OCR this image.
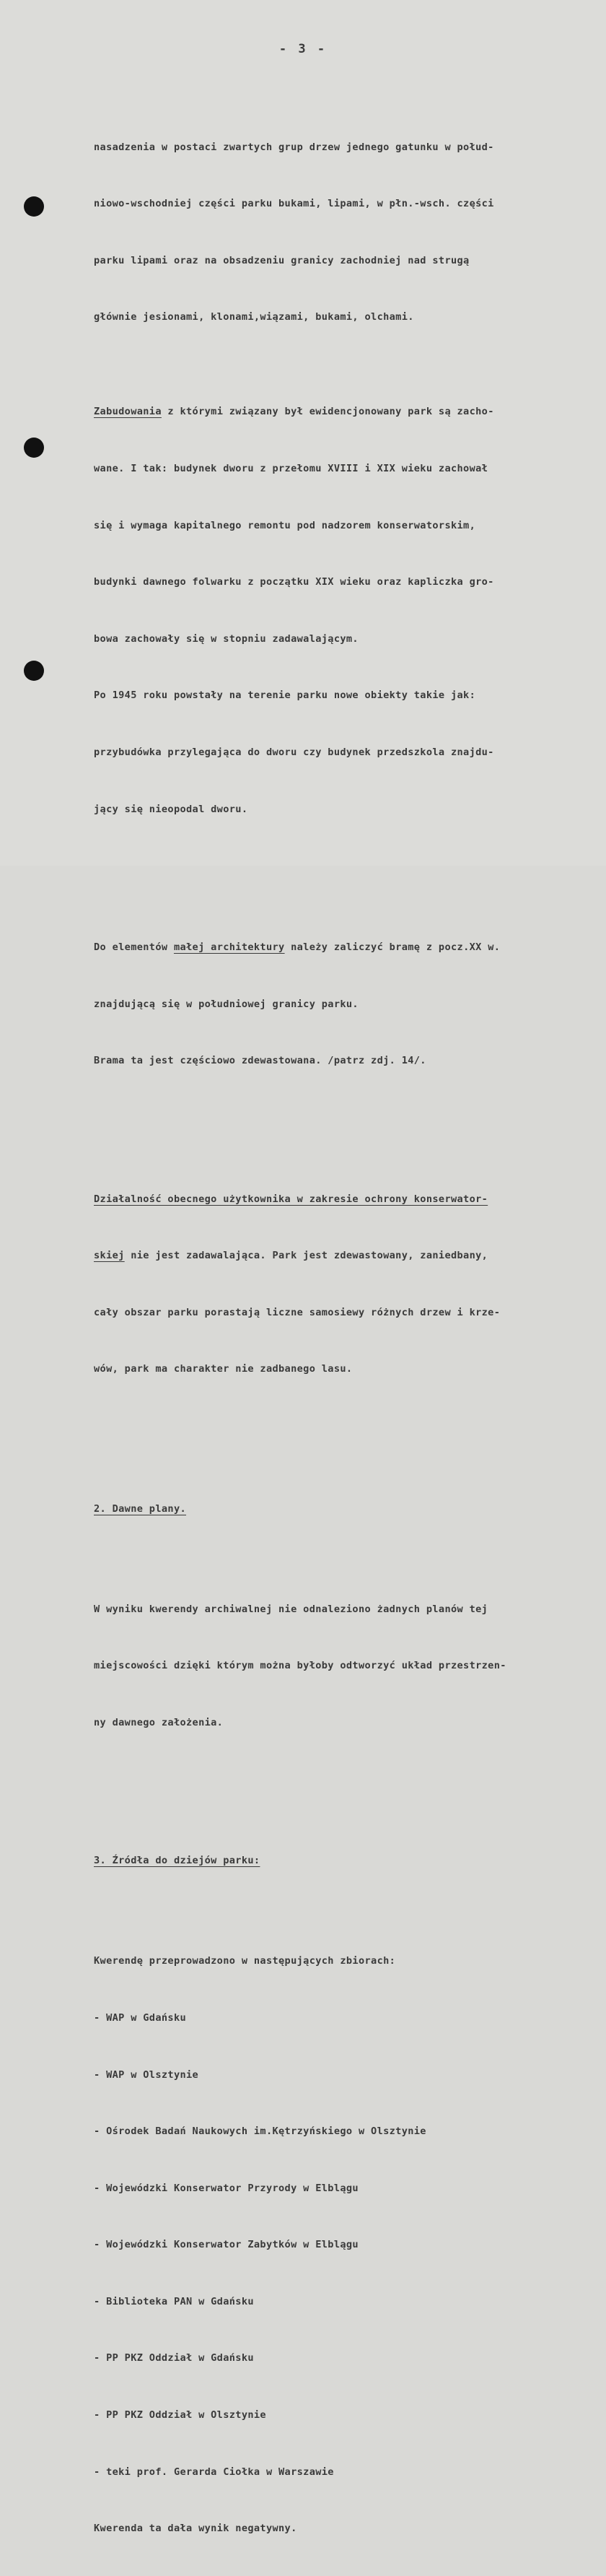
- 3 -

nasadzenia w postaci zwartych grup drzew jednego gatunku w połud-

niowo-wschodniej części parku bukami, lipami, w płn.-wsch. części

parku lipami oraz na obsadzeniu granicy zachodniej nad strugą

głównie jesionami, klonami,wiązami, bukami, olchami.

Zabudowania z którymi związany był ewidencjonowany park są zacho-

wane. I tak: budynek dworu z przełomu XVIII i XIX wieku zachował

się i wymaga kapitalnego remontu pod nadzorem konserwatorskim,

budynki dawnego folwarku z początku XIX wieku oraz kapliczka gro-

bowa zachowały się w stopniu zadawalającym.

Po 1945 roku powstały na terenie parku nowe obiekty takie jak:

przybudówka przylegająca do dworu czy budynek przedszkola znajdu-

jący się nieopodal dworu.

Do elementów małej architektury należy zaliczyć bramę z pocz.XX w.

znajdującą się w południowej granicy parku.

Brama ta jest częściowo zdewastowana. /patrz zdj. 14/.

Działalność obecnego użytkownika w zakresie ochrony konserwator-

skiej nie jest zadawalająca. Park jest zdewastowany, zaniedbany,

cały obszar parku porastają liczne samosiewy różnych drzew i krze-

wów, park ma charakter nie zadbanego lasu.

2. Dawne plany.

W wyniku kwerendy archiwalnej nie odnaleziono żadnych planów tej

miejscowości dzięki którym można byłoby odtworzyć układ przestrzen-

ny dawnego założenia.

3. Źródła do dziejów parku:

Kwerendę przeprowadzono w następujących zbiorach:

- WAP w Gdańsku

- WAP w Olsztynie

- Ośrodek Badań Naukowych im.Kętrzyńskiego w Olsztynie

- Wojewódzki Konserwator Przyrody w Elblągu

- Wojewódzki Konserwator Zabytków w Elblągu

- Biblioteka PAN w Gdańsku

- PP PKZ Oddział w Gdańsku

- PP PKZ Oddział w Olsztynie

- teki prof. Gerarda Ciołka w Warszawie

Kwerenda ta dała wynik negatywny.
